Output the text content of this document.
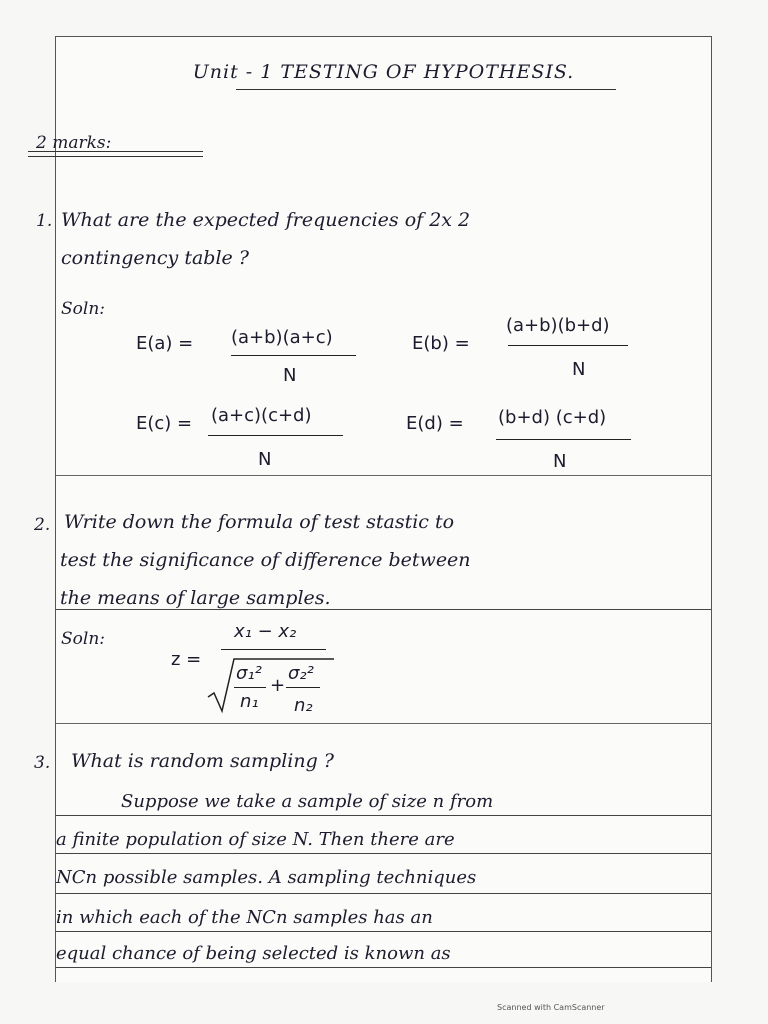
Unit - 1 TESTING OF HYPOTHESIS.
2 marks:
1. What are the expected frequencies of 2x 2
contingency table ?
Soln:
E(a) = (a+b)(a+c)
N
E(b) =
(a+b)(b+d)
N
E(c) = (a+c)(c+d)
N
E(d) = (b+d) (c+d)
N
2. Write down the formula of test stastic to
test the significance of difference between
the means of large samples.
Soln:
z =
x₁ − x₂
σ₁²
n₁
+
σ₂²
n₂
3. What is random sampling ?
Suppose we take a sample of size n from
a finite population of size N. Then there are
NCn possible samples. A sampling techniques
in which each of the NCn samples has an
equal chance of being selected is known as
Scanned with CamScanner
